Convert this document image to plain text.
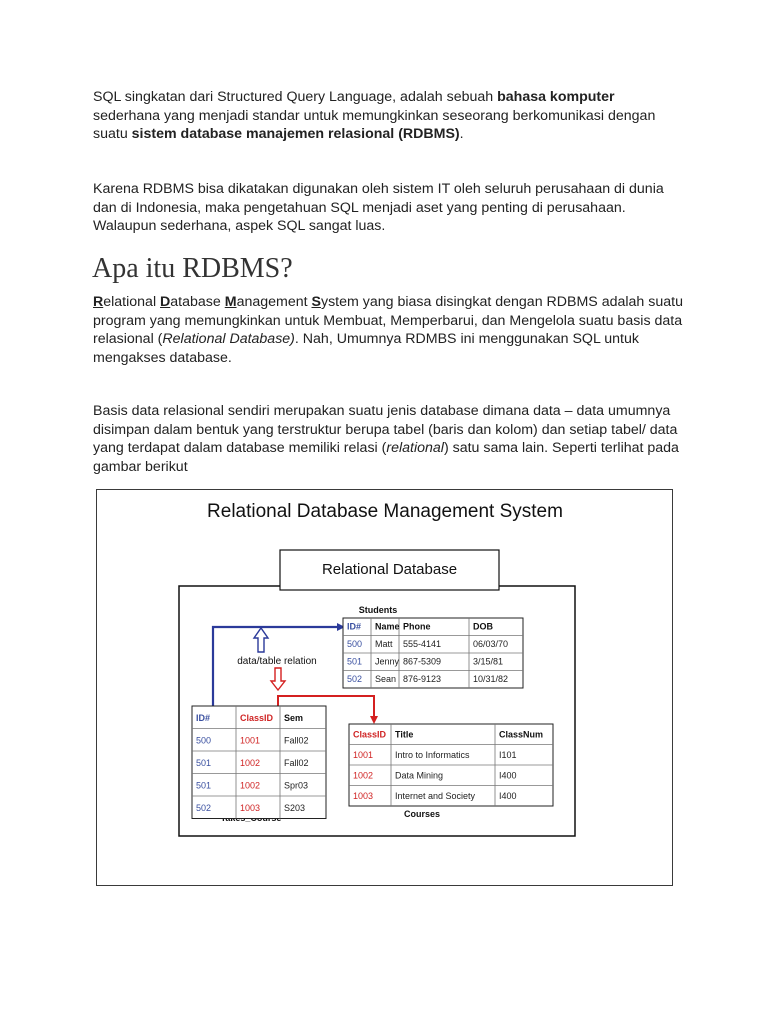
SQL singkatan dari Structured Query Language, adalah sebuah bahasa komputer sederhana yang menjadi standar untuk memungkinkan seseorang berkomunikasi dengan suatu sistem database manajemen relasional (RDBMS).
Karena RDBMS bisa dikatakan digunakan oleh sistem IT oleh seluruh perusahaan di dunia dan di Indonesia, maka pengetahuan SQL menjadi aset yang penting di perusahaan. Walaupun sederhana, aspek SQL sangat luas.
Apa itu RDBMS?
Relational Database Management System yang biasa disingkat dengan RDBMS adalah suatu program yang memungkinkan untuk Membuat, Memperbarui, dan Mengelola suatu basis data relasional (Relational Database). Nah, Umumnya RDMBS ini menggunakan SQL untuk mengakses database.
Basis data relasional sendiri merupakan suatu jenis database dimana data – data umumnya disimpan dalam bentuk yang terstruktur berupa tabel (baris dan kolom) dan setiap tabel/ data yang terdapat dalam database memiliki relasi (relational) satu sama lain. Seperti terlihat pada gambar berikut
Relational Database Management System
Relational Database
data/table relation
Students
ID# Name Phone	DOB
500 Matt 555-4141	06/03/70
501 Jenny 867-5309	3/15/81
502 Sean 876-9123	10/31/82
ID#	ClassID Sem
500	1001	Fall02
501	1002	Fall02
501	1002	Spr03
502	1003	S203
Courses
ClassID Title	ClassNum
1001 Intro to Informatics	I101
1002 Data Mining	I400
1003 Internet and Society	I400
